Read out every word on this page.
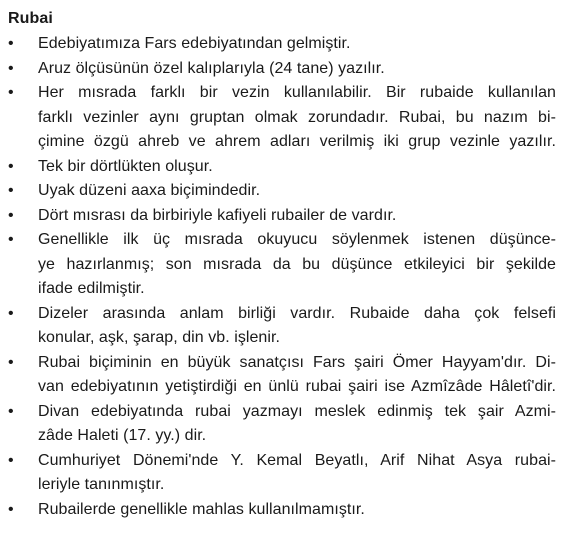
Rubai
•	Edebiyatımıza Fars edebiyatından gelmiştir.
•	Aruz ölçüsünün özel kalıplarıyla (24 tane) yazılır.
•	Her mısrada farklı bir vezin kullanılabilir. Bir rubaide kullanılan
farklı vezinler aynı gruptan olmak zorundadır. Rubai, bu nazım bi-
çimine özgü ahreb ve ahrem adları verilmiş iki grup vezinle yazılır.
•	Tek bir dörtlükten oluşur.
•	Uyak düzeni aaxa biçimindedir.
•	Dört mısrası da birbiriyle kafiyeli rubailer de vardır.
•	Genellikle ilk üç mısrada okuyucu söylenmek istenen düşünce-
ye hazırlanmış; son mısrada da bu düşünce etkileyici bir şekilde
ifade edilmiştir.
•	Dizeler arasında anlam birliği vardır. Rubaide daha çok felsefi
konular, aşk, şarap, din vb. işlenir.
•	Rubai biçiminin en büyük sanatçısı Fars şairi Ömer Hayyam'dır. Di-
van edebiyatının yetiştirdiği en ünlü rubai şairi ise Azmîzâde Hâletî'dir.
•	Divan edebiyatında rubai yazmayı meslek edinmiş tek şair Azmi-
zâde Haleti (17. yy.) dir.
•	Cumhuriyet Dönemi'nde Y. Kemal Beyatlı, Arif Nihat Asya rubai-
leriyle tanınmıştır.
•	Rubailerde genellikle mahlas kullanılmamıştır.
